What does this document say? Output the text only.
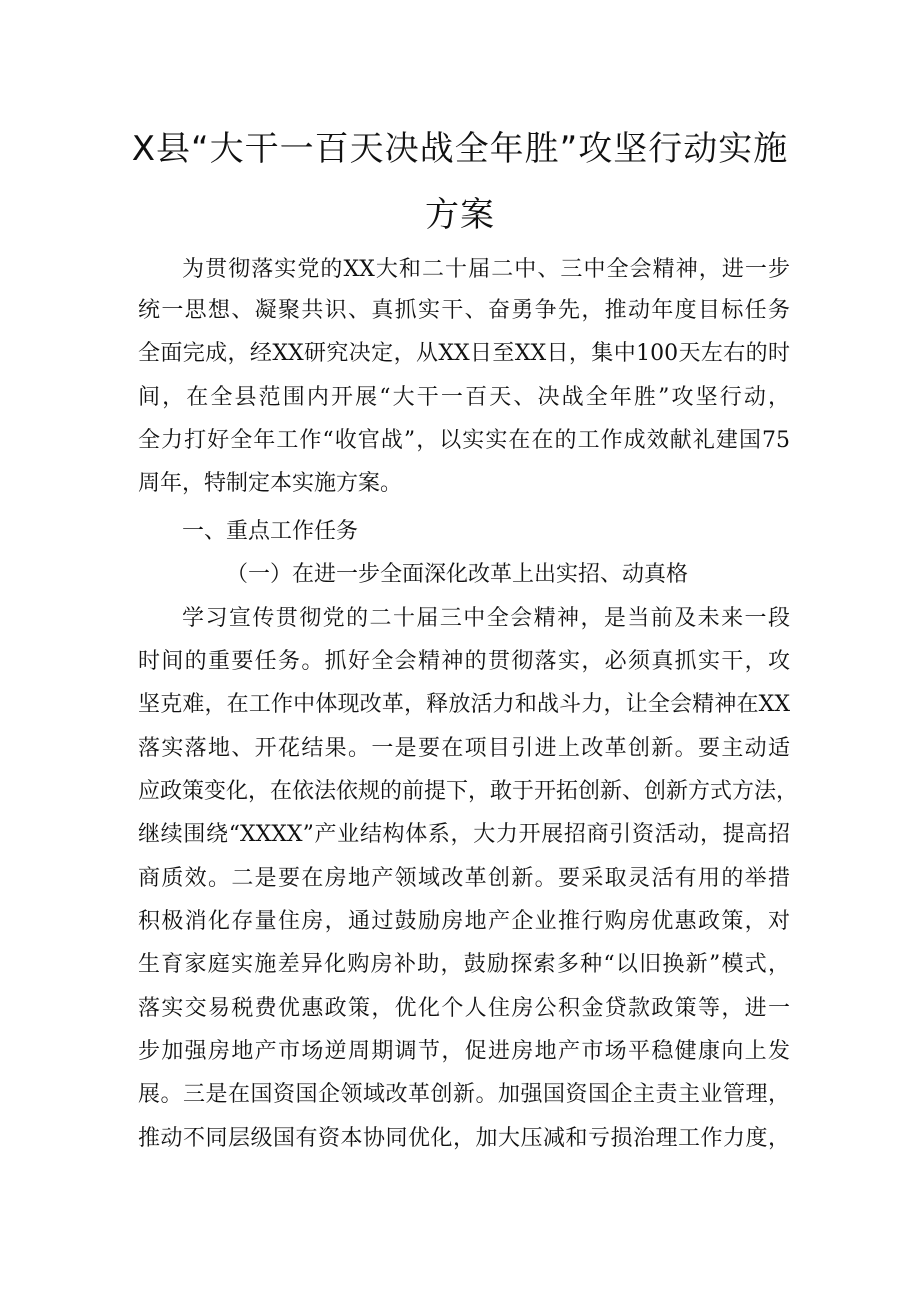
X县“大干一百天决战全年胜”攻坚行动实施
方案
为贯彻落实党的XX大和二十届二中、三中全会精神，进一步
统一思想、凝聚共识、真抓实干、奋勇争先，推动年度目标任务
全面完成，经XX研究决定，从XX日至XX日，集中100天左右的时
间，在全县范围内开展“大干一百天、决战全年胜”攻坚行动，
全力打好全年工作“收官战”，以实实在在的工作成效献礼建国75
周年，特制定本实施方案。
一、重点工作任务
（一）在进一步全面深化改革上出实招、动真格
学习宣传贯彻党的二十届三中全会精神，是当前及未来一段
时间的重要任务。抓好全会精神的贯彻落实，必须真抓实干，攻
坚克难，在工作中体现改革，释放活力和战斗力，让全会精神在XX
落实落地、开花结果。一是要在项目引进上改革创新。要主动适
应政策变化，在依法依规的前提下，敢于开拓创新、创新方式方法，
继续围绕“XXXX”产业结构体系，大力开展招商引资活动，提高招
商质效。二是要在房地产领域改革创新。要采取灵活有用的举措
积极消化存量住房，通过鼓励房地产企业推行购房优惠政策，对
生育家庭实施差异化购房补助，鼓励探索多种“以旧换新”模式，
落实交易税费优惠政策，优化个人住房公积金贷款政策等，进一
步加强房地产市场逆周期调节，促进房地产市场平稳健康向上发
展。三是在国资国企领域改革创新。加强国资国企主责主业管理，
推动不同层级国有资本协同优化，加大压减和亏损治理工作力度，
